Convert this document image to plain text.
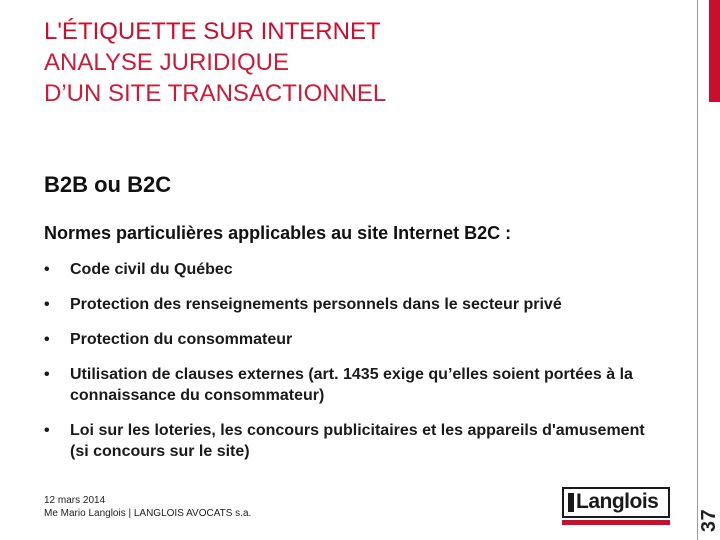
L'ÉTIQUETTE SUR INTERNET
ANALYSE JURIDIQUE
D’UN SITE TRANSACTIONNEL
B2B ou B2C
Normes particulières applicables au site Internet B2C :
•	Code civil du Québec
•	Protection des renseignements personnels dans le secteur privé
•	Protection du consommateur
•	Utilisation de clauses externes (art. 1435 exige qu’elles soient portées à la connaissance du consommateur)
•	Loi sur les loteries, les concours publicitaires et les appareils d'amusement (si concours sur le site)
12 mars 2014
Me Mario Langlois | LANGLOIS AVOCATS s.a.
Langlois
37
